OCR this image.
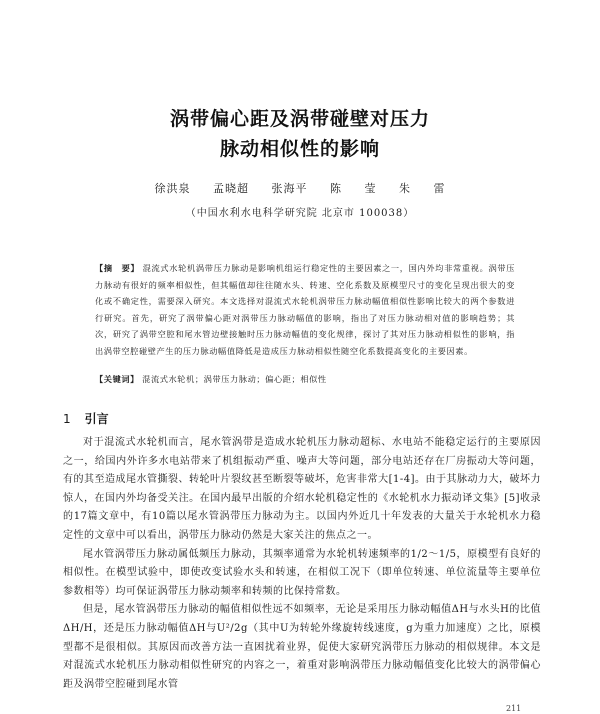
涡带偏心距及涡带碰壁对压力
脉动相似性的影响
徐洪泉 孟晓超 张海平 陈 莹 朱 雷
（中国水利水电科学研究院 北京市 100038）
【摘　要】 混流式水轮机涡带压力脉动是影响机组运行稳定性的主要因素之一，国内外均非常重视。涡带压力脉动有很好的频率相似性，但其幅值却往往随水头、转速、空化系数及原模型尺寸的变化呈现出很大的变化或不确定性，需要深入研究。本文选择对混流式水轮机涡带压力脉动幅值相似性影响比较大的两个参数进行研究。首先，研究了涡带偏心距对涡带压力脉动幅值的影响，指出了对压力脉动相对值的影响趋势；其次，研究了涡带空腔和尾水管边壁接触时压力脉动幅值的变化规律，探讨了其对压力脉动相似性的影响，指出涡带空腔碰壁产生的压力脉动幅值降低是造成压力脉动相似性随空化系数提高变化的主要因素。
【关键词】 混流式水轮机；涡带压力脉动；偏心距；相似性
1 引言

对于混流式水轮机而言，尾水管涡带是造成水轮机压力脉动超标、水电站不能稳定运行的主要原因之一，给国内外许多水电站带来了机组振动严重、噪声大等问题，部分电站还存在厂房振动大等问题，有的其至造成尾水管撕裂、转轮叶片裂纹甚至断裂等破坏，危害非常大[1-4]。由于其脉动力大，破坏力惊人，在国内外均备受关注。在国内最早出版的介绍水轮机稳定性的《水轮机水力振动译文集》[5]收录的17篇文章中，有10篇以尾水管涡带压力脉动为主。以国内外近几十年发表的大量关于水轮机水力稳定性的文章中可以看出，涡带压力脉动仍然是大家关注的焦点之一。

尾水管涡带压力脉动属低频压力脉动，其频率通常为水轮机转速频率的1/2～1/5，原模型有良好的相似性。在模型试验中，即使改变试验水头和转速，在相似工况下（即单位转速、单位流量等主要单位参数相等）均可保证涡带压力脉动频率和转频的比保持常数。

但是，尾水管涡带压力脉动的幅值相似性远不如频率，无论是采用压力脉动幅值ΔH与水头H的比值ΔH/H，还是压力脉动幅值ΔH与U²/2g（其中U为转轮外缘旋转线速度，g为重力加速度）之比，原模型都不是很相似。其原因而改善方法一直困扰着业界，促使大家研究涡带压力脉动的相似规律。本文是对混流式水轮机压力脉动相似性研究的内容之一，着重对影响涡带压力脉动幅值变化比较大的涡带偏心距及涡带空腔碰到尾水管

211
